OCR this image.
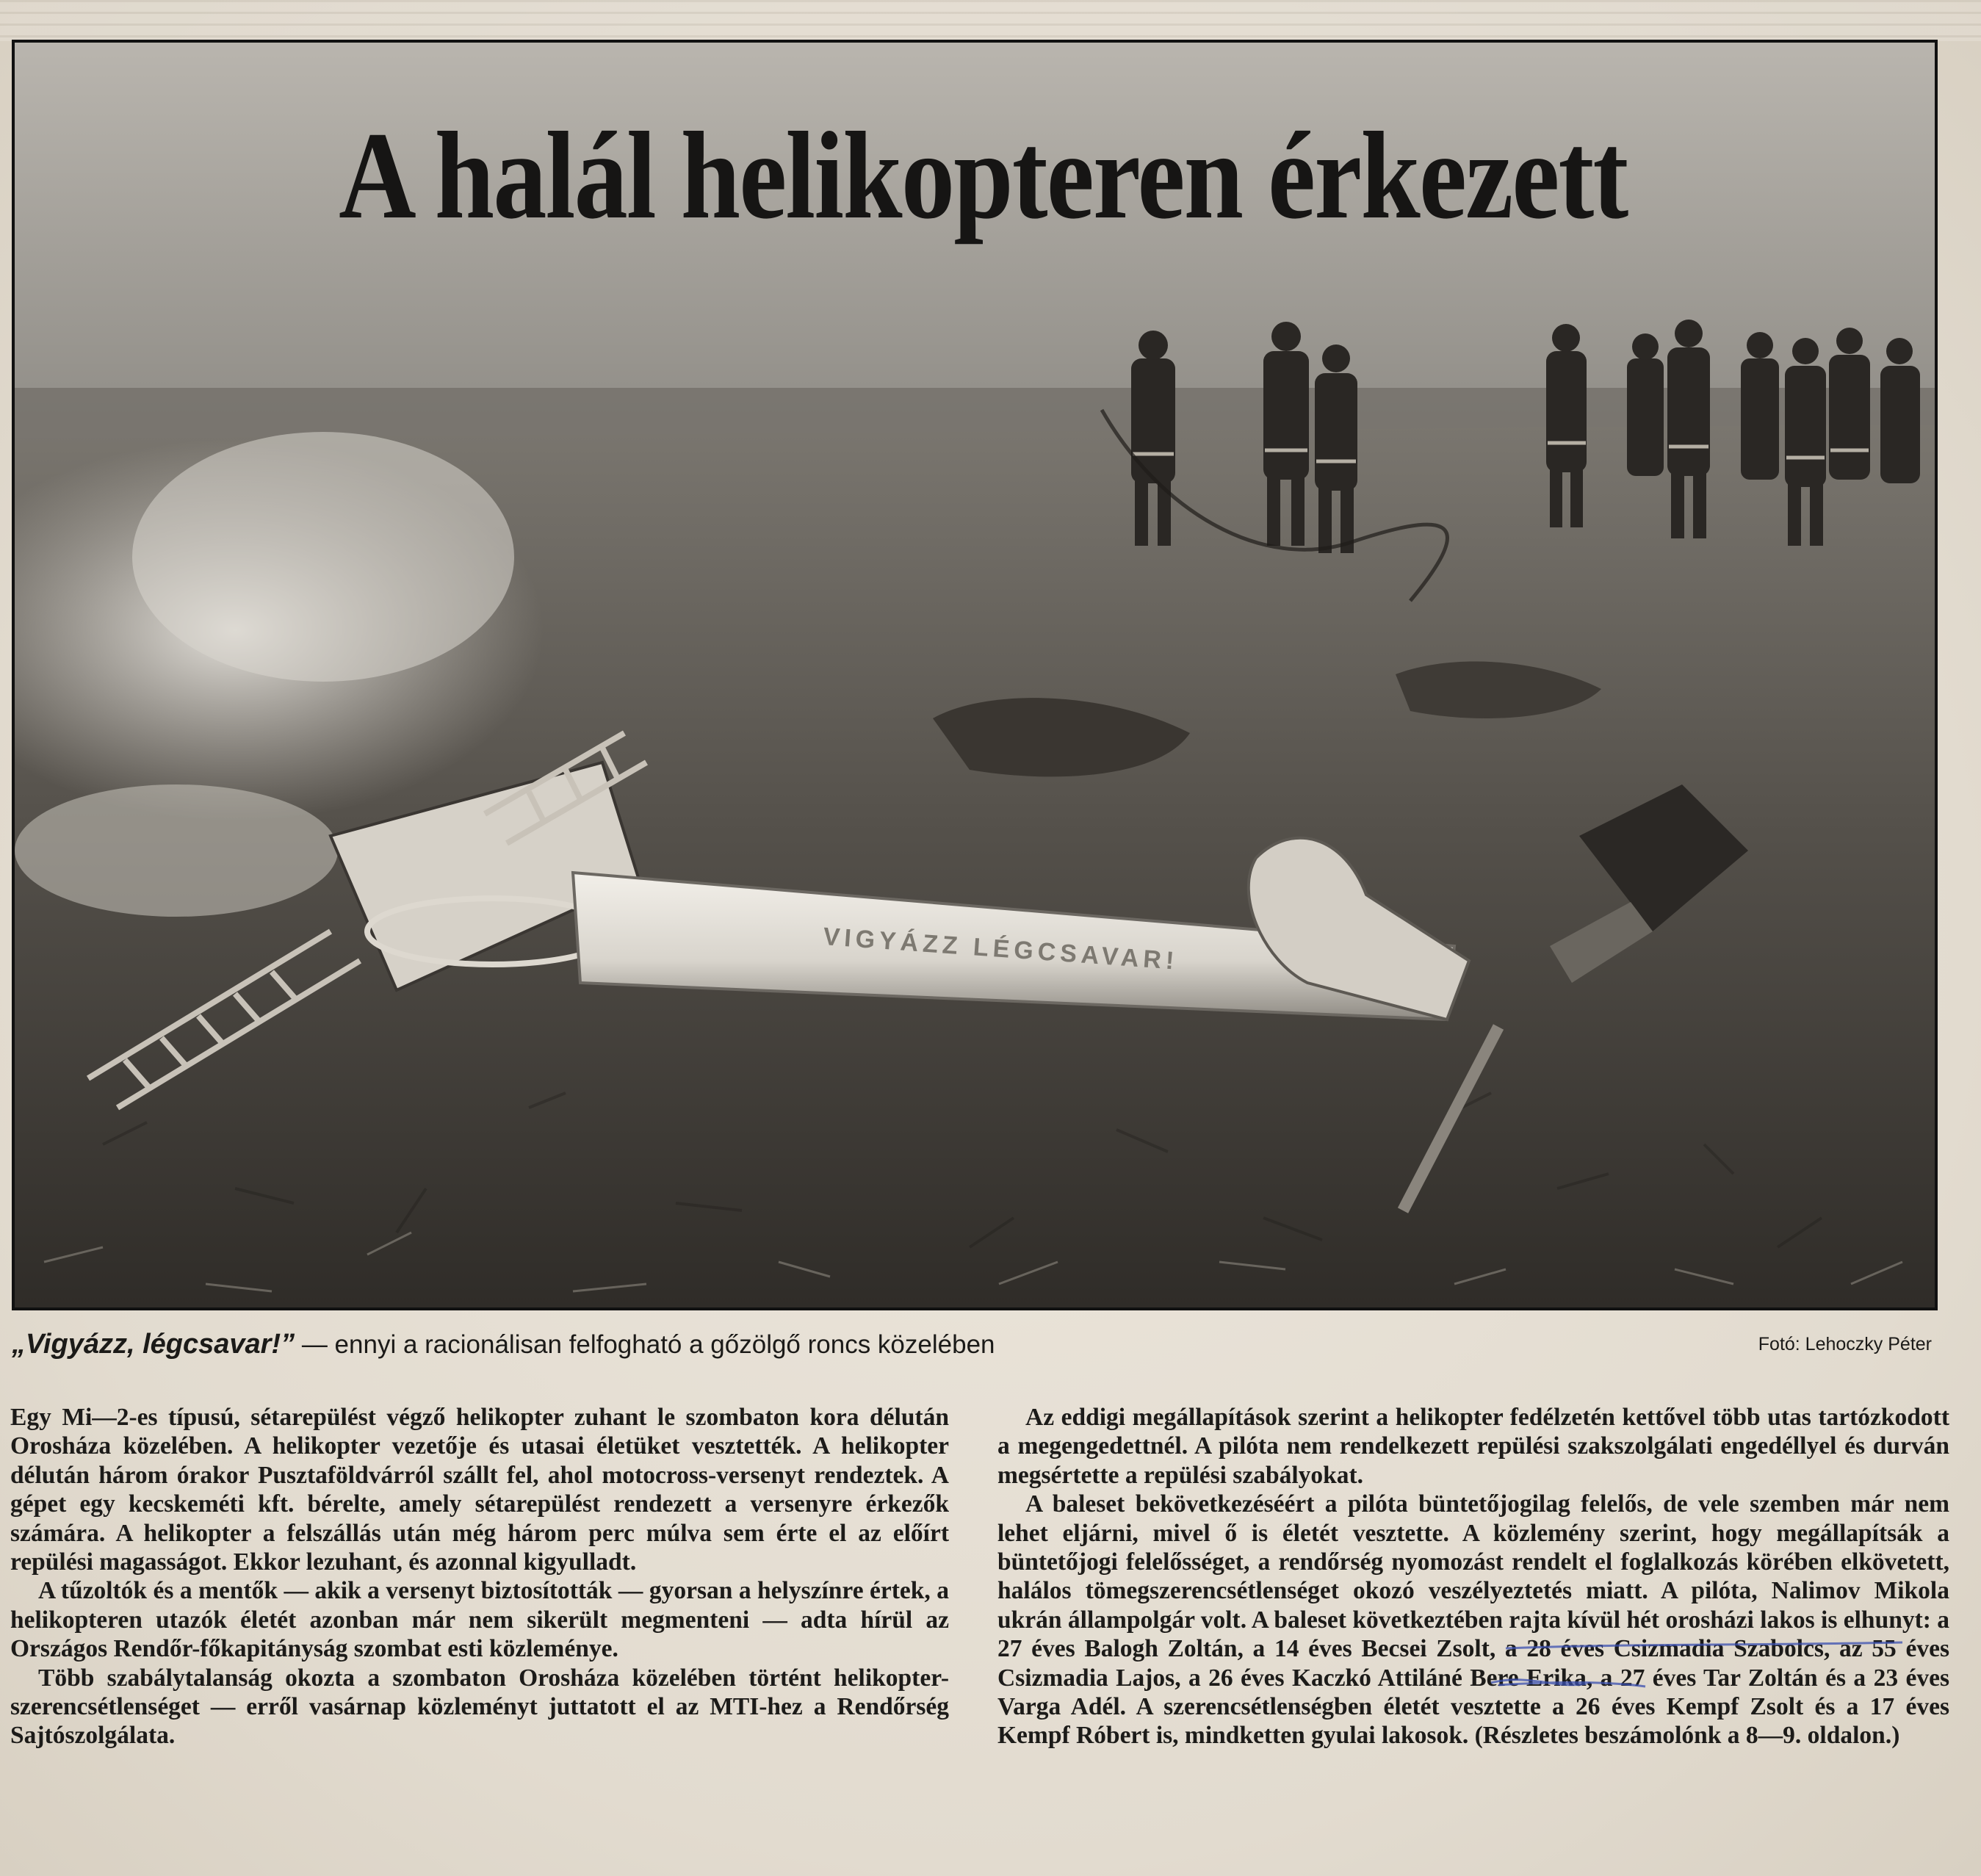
VIGYÁZZ LÉGCSAVAR!
A halál helikopteren érkezett
„Vigyázz, légcsavar!” — ennyi a racionálisan felfogható a gőzölgő roncs közelében	Fotó: Lehoczky Péter

Egy Mi—2-es típusú, sétarepülést végző helikopter zuhant le szombaton kora délután Orosháza közelében. A helikopter vezetője és utasai életüket vesztették. A helikopter délután három órakor Pusztaföldvárról szállt fel, ahol motocross-versenyt rendeztek. A gépet egy kecskeméti kft. bérelte, amely sétarepülést rendezett a versenyre érkezők számára. A helikopter a felszállás után még három perc múlva sem érte el az előírt repülési magasságot. Ekkor lezuhant, és azonnal kigyulladt.

A tűzoltók és a mentők — akik a versenyt biztosították — gyorsan a helyszínre értek, a helikopteren utazók életét azonban már nem sikerült megmenteni — adta hírül az Országos Rendőr-főkapitányság szombat esti közleménye.

Több szabálytalanság okozta a szombaton Orosháza közelében történt helikopter-szerencsétlenséget — erről vasárnap közleményt juttatott el az MTI-hez a Rendőrség Sajtószolgálata.

Az eddigi megállapítások szerint a helikopter fedélzetén kettővel több utas tartózkodott a megengedettnél. A pilóta nem rendelkezett repülési szakszolgálati engedéllyel és durván megsértette a repülési szabályokat.

A baleset bekövetkezéséért a pilóta büntetőjogilag felelős, de vele szemben már nem lehet eljárni, mivel ő is életét vesztette. A közlemény szerint, hogy megállapítsák a büntetőjogi felelősséget, a rendőrség nyomozást rendelt el foglalkozás körében elkövetett, halálos tömegszerencsétlenséget okozó veszélyeztetés miatt. A pilóta, Nalimov Mikola ukrán állampolgár volt. A baleset következtében rajta kívül hét orosházi lakos is elhunyt: a 27 éves Balogh Zoltán, a 14 éves Becsei Zsolt, a 28 éves Csizmadia Szabolcs, az 55 éves Csizmadia Lajos, a 26 éves Kaczkó Attiláné Bere Erika, a 27 éves Tar Zoltán és a 23 éves Varga Adél. A szerencsétlenségben életét vesztette a 26 éves Kempf Zsolt és a 17 éves Kempf Róbert is, mindketten gyulai lakosok. (Részletes beszámolónk a 8—9. oldalon.)
